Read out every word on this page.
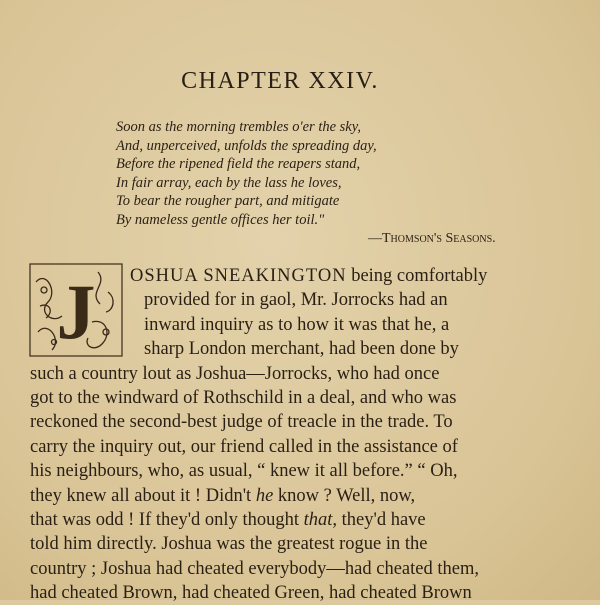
CHAPTER XXIV.
Soon as the morning trembles o'er the sky,
And, unperceived, unfolds the spreading day,
Before the ripened field the reapers stand,
In fair array, each by the lass he loves,
To bear the rougher part, and mitigate
By nameless gentle offices her toil."
—Thomson's Seasons.
J	OSHUA SNEAKINGTON being comfortably
provided for in gaol, Mr. Jorrocks had an
inward inquiry as to how it was that he, a
sharp London merchant, had been done by
such a country lout as Joshua—Jorrocks, who had once
got to the windward of Rothschild in a deal, and who was
reckoned the second-best judge of treacle in the trade. To
carry the inquiry out, our friend called in the assistance of
his neighbours, who, as usual, “ knew it all before.” “ Oh,
they knew all about it ! Didn't he know ? Well, now,
that was odd ! If they'd only thought that, they'd have
told him directly. Joshua was the greatest rogue in the
country ; Joshua had cheated everybody—had cheated them,
had cheated Brown, had cheated Green, had cheated Brown
